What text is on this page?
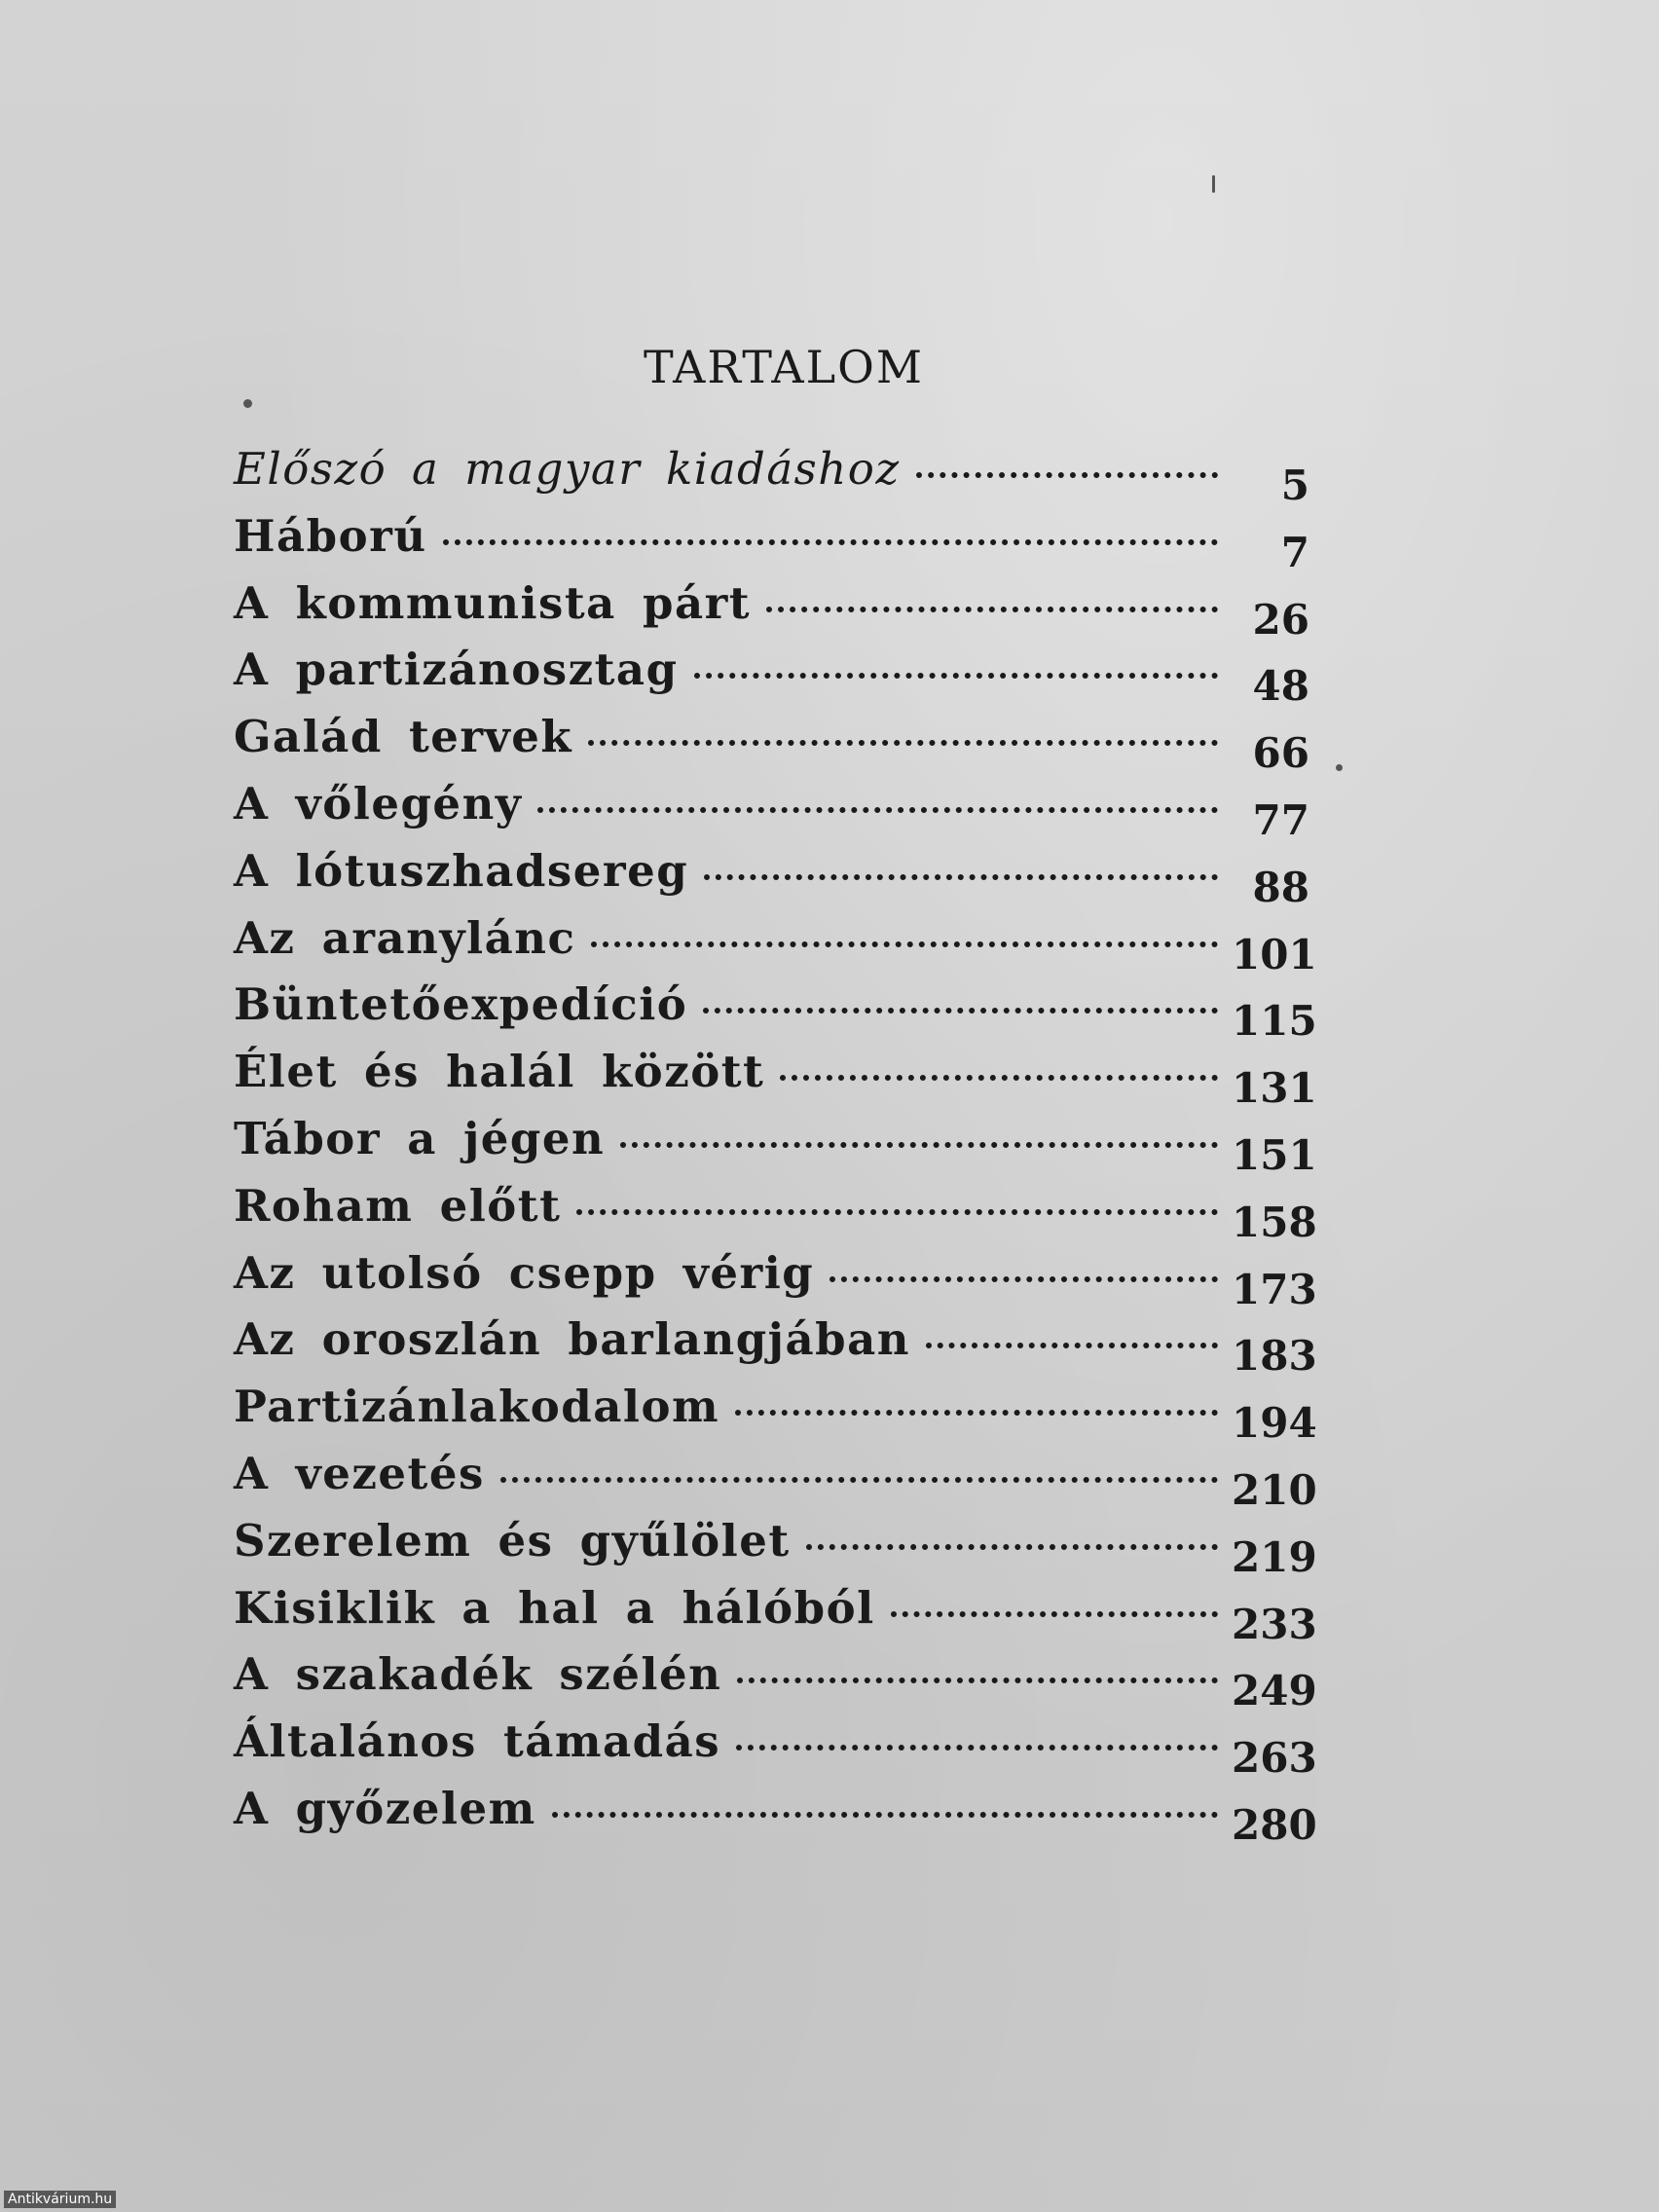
TARTALOM
Előszó a magyar kiadáshoz	5
Háború	7
A kommunista párt	26
A partizánosztag	48
Galád tervek	66
A vőlegény	77
A lótuszhadsereg	88
Az aranylánc	101
Büntetőexpedíció	115
Élet és halál között	131
Tábor a jégen	151
Roham előtt	158
Az utolsó csepp vérig	173
Az oroszlán barlangjában	183
Partizánlakodalom	194
A vezetés	210
Szerelem és gyűlölet	219
Kisiklik a hal a hálóból	233
A szakadék szélén	249
Általános támadás	263
A győzelem	280
Antikvárium.hu
